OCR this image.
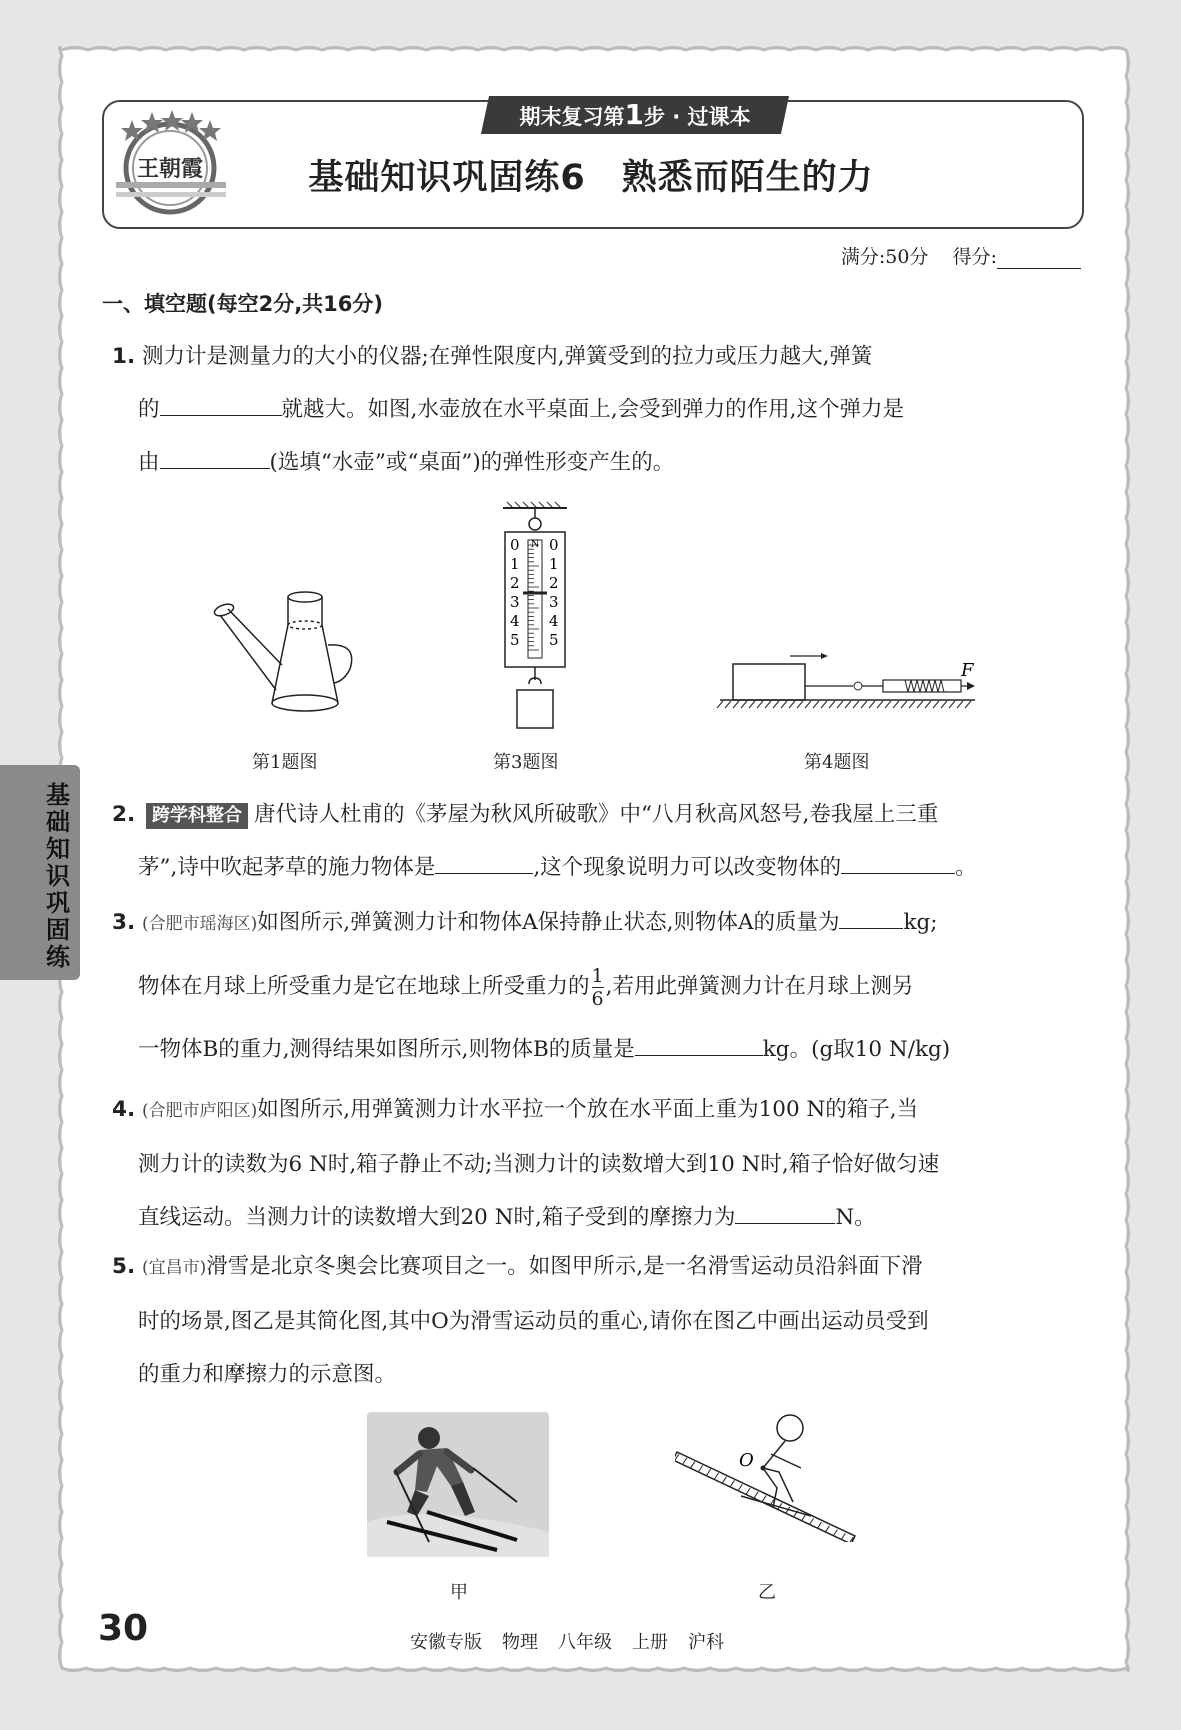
基
础
知
识
巩
固
练
王朝霞
期末复习第1步 · 过课本
基础知识巩固练6　熟悉而陌生的力
满分:50分 得分:
一、填空题(每空2分,共16分)
1. 测力计是测量力的大小的仪器;在弹性限度内,弹簧受到的拉力或压力越大,弹簧
的	就越大。如图,水壶放在水平桌面上,会受到弹力的作用,这个弹力是
由	(选填“水壶”或“桌面”)的弹性形变产生的。
第1题图
N
0
1
2
3
4
5
0
1
2
3
4
5
第3题图
F
第4题图
2. 跨学科整合 唐代诗人杜甫的《茅屋为秋风所破歌》中“八月秋高风怒号,卷我屋上三重
茅”,诗中吹起茅草的施力物体是	,这个现象说明力可以改变物体的	。
3. (合肥市瑶海区)如图所示,弹簧测力计和物体A保持静止状态,则物体A的质量为	kg;
物体在月球上所受重力是它在地球上所受重力的 $\frac{1}{6}$ ,若用此弹簧测力计在月球上测另
一物体B的重力,测得结果如图所示,则物体B的质量是	kg。(g取10 N/kg)
4. (合肥市庐阳区)如图所示,用弹簧测力计水平拉一个放在水平面上重为100 N的箱子,当
测力计的读数为6 N时,箱子静止不动;当测力计的读数增大到10 N时,箱子恰好做匀速
直线运动。当测力计的读数增大到20 N时,箱子受到的摩擦力为	N。
5. (宜昌市)滑雪是北京冬奥会比赛项目之一。如图甲所示,是一名滑雪运动员沿斜面下滑
时的场景,图乙是其简化图,其中O为滑雪运动员的重心,请你在图乙中画出运动员受到
的重力和摩擦力的示意图。
甲
O
乙
30	安徽专版 物理 八年级 上册 沪科
